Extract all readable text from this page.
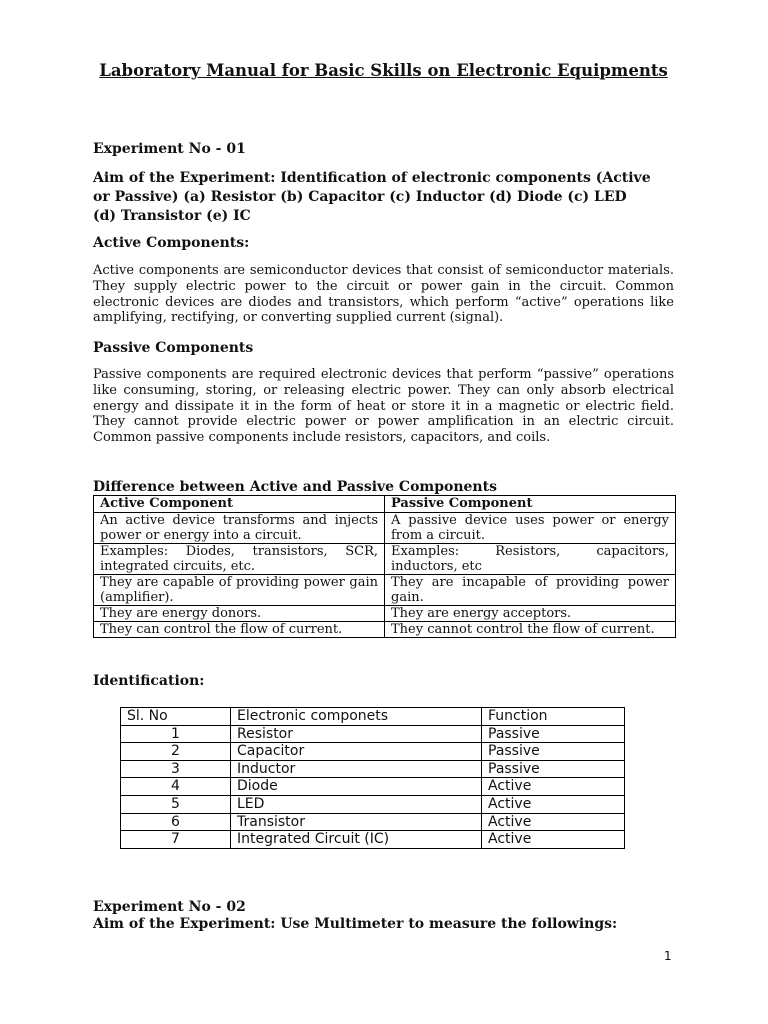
Laboratory Manual for Basic Skills on Electronic Equipments
Experiment No - 01
Aim of the Experiment: Identification of electronic components (Active or Passive) (a) Resistor (b) Capacitor (c) Inductor (d) Diode (c) LED (d) Transistor (e) IC
Active Components:
Active components are semiconductor devices that consist of semiconductor materials. They supply electric power to the circuit or power gain in the circuit. Common electronic devices are diodes and transistors, which perform “active” operations like amplifying, rectifying, or converting supplied current (signal).
Passive Components
Passive components are required electronic devices that perform “passive” operations like consuming, storing, or releasing electric power. They can only absorb electrical energy and dissipate it in the form of heat or store it in a magnetic or electric field. They cannot provide electric power or power amplification in an electric circuit. Common passive components include resistors, capacitors, and coils.
Difference between Active and Passive Components
Active Component	Passive Component
An active device transforms and injects power or energy into a circuit.	A passive device uses power or energy from a circuit.
Examples: Diodes, transistors, SCR, integrated circuits, etc.	Examples: Resistors, capacitors, inductors, etc
They are capable of providing power gain (amplifier).	They are incapable of providing power gain.
They are energy donors.	They are energy acceptors.
They can control the flow of current.	They cannot control the flow of current.
Identification:
Sl. No	Electronic componets	Function
1	Resistor	Passive
2	Capacitor	Passive
3	Inductor	Passive
4	Diode	Active
5	LED	Active
6	Transistor	Active
7	Integrated Circuit (IC)	Active
Experiment No - 02
Aim of the Experiment: Use Multimeter to measure the followings:
1
